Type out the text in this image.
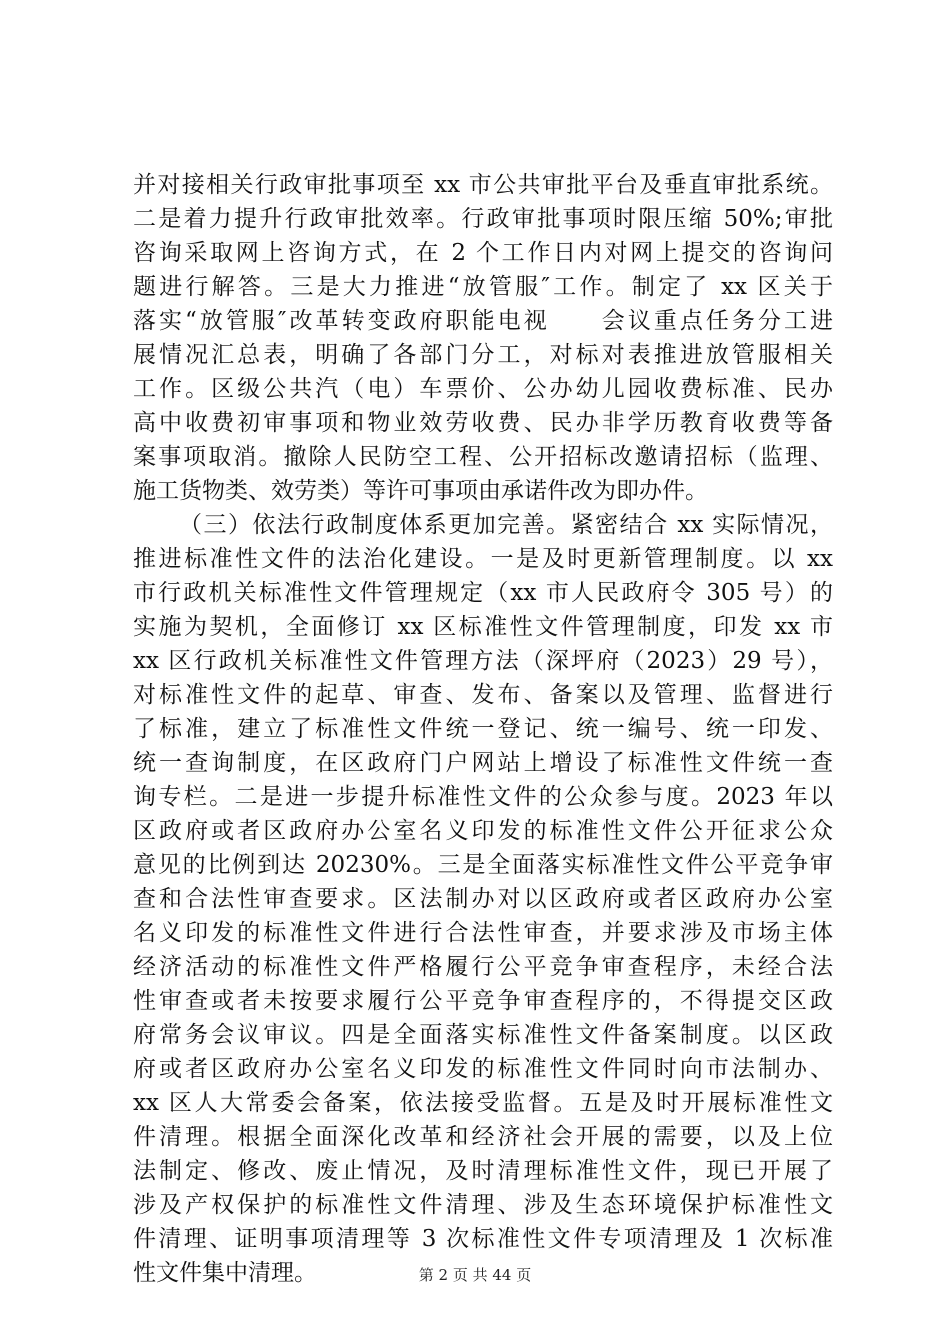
并对接相关行政审批事项至 xx 市公共审批平台及垂直审批系统。
二是着力提升行政审批效率。行政审批事项时限压缩 50%;审批
咨询采取网上咨询方式，在 2 个工作日内对网上提交的咨询问
题进行解答。三是大力推进“放管服″工作。制定了 xx 区关于
落实“放管服″改革转变政府职能电视　　会议重点任务分工进
展情况汇总表，明确了各部门分工，对标对表推进放管服相关
工作。区级公共汽（电）车票价、公办幼儿园收费标准、民办
高中收费初审事项和物业效劳收费、民办非学历教育收费等备
案事项取消。撤除人民防空工程、公开招标改邀请招标（监理、
施工货物类、效劳类）等许可事项由承诺件改为即办件。
（三）依法行政制度体系更加完善。紧密结合 xx 实际情况，
推进标准性文件的法治化建设。一是及时更新管理制度。以 xx
市行政机关标准性文件管理规定（xx 市人民政府令 305 号）的
实施为契机，全面修订 xx 区标准性文件管理制度，印发 xx 市
xx 区行政机关标准性文件管理方法（深坪府（2023）29 号），
对标准性文件的起草、审查、发布、备案以及管理、监督进行
了标准，建立了标准性文件统一登记、统一编号、统一印发、
统一查询制度，在区政府门户网站上增设了标准性文件统一查
询专栏。二是进一步提升标准性文件的公众参与度。2023 年以
区政府或者区政府办公室名义印发的标准性文件公开征求公众
意见的比例到达 20230%。三是全面落实标准性文件公平竞争审
查和合法性审查要求。区法制办对以区政府或者区政府办公室
名义印发的标准性文件进行合法性审查，并要求涉及市场主体
经济活动的标准性文件严格履行公平竞争审查程序，未经合法
性审查或者未按要求履行公平竞争审查程序的，不得提交区政
府常务会议审议。四是全面落实标准性文件备案制度。以区政
府或者区政府办公室名义印发的标准性文件同时向市法制办、
xx 区人大常委会备案，依法接受监督。五是及时开展标准性文
件清理。根据全面深化改革和经济社会开展的需要，以及上位
法制定、修改、废止情况，及时清理标准性文件，现已开展了
涉及产权保护的标准性文件清理、涉及生态环境保护标准性文
件清理、证明事项清理等 3 次标准性文件专项清理及 1 次标准
性文件集中清理。	第 2 页 共 44 页
